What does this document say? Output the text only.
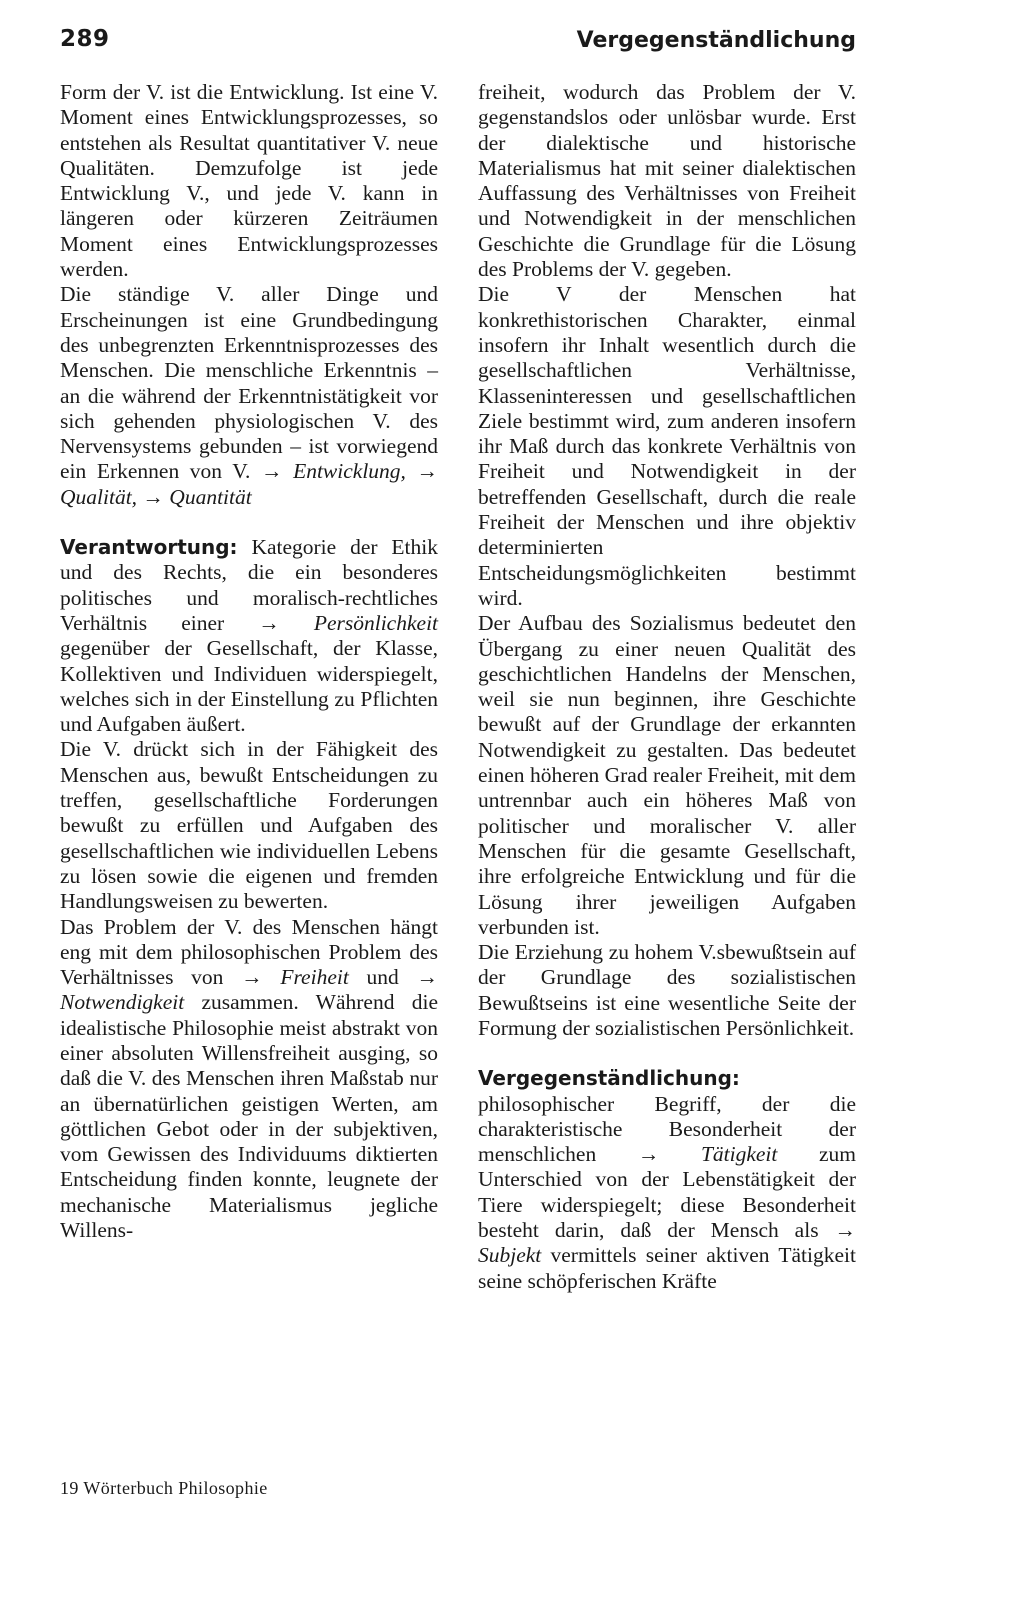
289	Vergegenständlichung

Form der V. ist die Entwicklung. Ist eine V. Moment eines Entwicklungsprozesses, so entstehen als Resultat quantitativer V. neue Qualitäten. Demzufolge ist jede Entwicklung V., und jede V. kann in längeren oder kürzeren Zeiträumen Moment eines Entwicklungsprozesses werden.

Die ständige V. aller Dinge und Erscheinungen ist eine Grundbedingung des unbegrenzten Erkenntnisprozesses des Menschen. Die menschliche Erkenntnis – an die während der Erkenntnistätigkeit vor sich gehenden physiologischen V. des Nervensystems gebunden – ist vorwiegend ein Erkennen von V. → Entwicklung, → Qualität, → Quantität

Verantwortung: Kategorie der Ethik und des Rechts, die ein besonderes politisches und moralisch-rechtliches Verhältnis einer → Persönlichkeit gegenüber der Gesellschaft, der Klasse, Kollektiven und Individuen widerspiegelt, welches sich in der Einstellung zu Pflichten und Aufgaben äußert.

Die V. drückt sich in der Fähigkeit des Menschen aus, bewußt Entscheidungen zu treffen, gesellschaftliche Forderungen bewußt zu erfüllen und Aufgaben des gesellschaftlichen wie individuellen Lebens zu lösen sowie die eigenen und fremden Handlungsweisen zu bewerten.

Das Problem der V. des Menschen hängt eng mit dem philosophischen Problem des Verhältnisses von → Freiheit und → Notwendigkeit zusammen. Während die idealistische Philosophie meist abstrakt von einer absoluten Willensfreiheit ausging, so daß die V. des Menschen ihren Maßstab nur an übernatürlichen geistigen Werten, am göttlichen Gebot oder in der subjektiven, vom Gewissen des Individuums diktierten Entscheidung finden konnte, leugnete der mechanische Materialismus jegliche Willens-

freiheit, wodurch das Problem der V. gegenstandslos oder unlösbar wurde. Erst der dialektische und historische Materialismus hat mit seiner dialektischen Auffassung des Verhältnisses von Freiheit und Notwendigkeit in der menschlichen Geschichte die Grundlage für die Lösung des Problems der V. gegeben.

Die V der Menschen hat konkrethistorischen Charakter, einmal insofern ihr Inhalt wesentlich durch die gesellschaftlichen Verhältnisse, Klasseninteressen und gesellschaftlichen Ziele bestimmt wird, zum anderen insofern ihr Maß durch das konkrete Verhältnis von Freiheit und Notwendigkeit in der betreffenden Gesellschaft, durch die reale Freiheit der Menschen und ihre objektiv determinierten Entscheidungsmöglichkeiten bestimmt wird.

Der Aufbau des Sozialismus bedeutet den Übergang zu einer neuen Qualität des geschichtlichen Handelns der Menschen, weil sie nun beginnen, ihre Geschichte bewußt auf der Grundlage der erkannten Notwendigkeit zu gestalten. Das bedeutet einen höheren Grad realer Freiheit, mit dem untrennbar auch ein höheres Maß von politischer und moralischer V. aller Menschen für die gesamte Gesellschaft, ihre erfolgreiche Entwicklung und für die Lösung ihrer jeweiligen Aufgaben verbunden ist.

Die Erziehung zu hohem V.sbewußtsein auf der Grundlage des sozialistischen Bewußtseins ist eine wesentliche Seite der Formung der sozialistischen Persönlichkeit.

Vergegenständlichung: philosophischer Begriff, der die charakteristische Besonderheit der menschlichen → Tätigkeit zum Unterschied von der Lebenstätigkeit der Tiere widerspiegelt; diese Besonderheit besteht darin, daß der Mensch als → Subjekt vermittels seiner aktiven Tätigkeit seine schöpferischen Kräfte

19 Wörterbuch Philosophie
